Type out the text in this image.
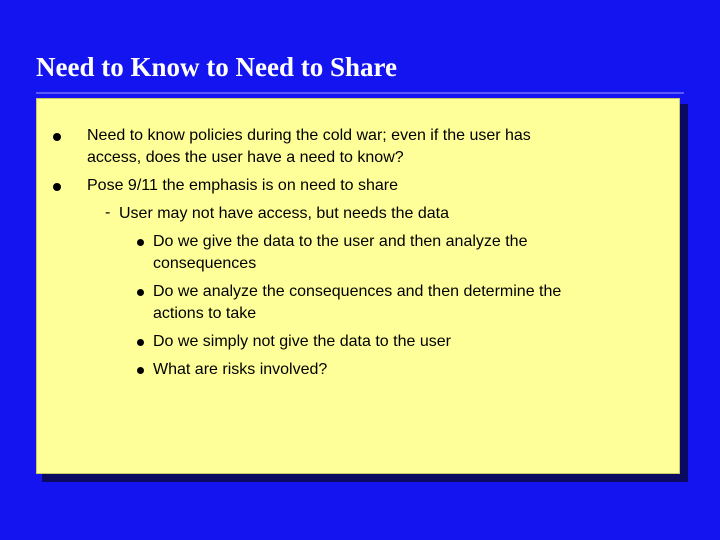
Need to Know to Need to Share
Need to know policies during the cold war; even if the user has
access, does the user have a need to know?
Pose 9/11 the emphasis is on need to share
- User may not have access, but needs the data
Do we give the data to the user and then analyze the
consequences
Do we analyze the consequences and then determine the
actions to take
Do we simply not give the data to the user
What are risks involved?
